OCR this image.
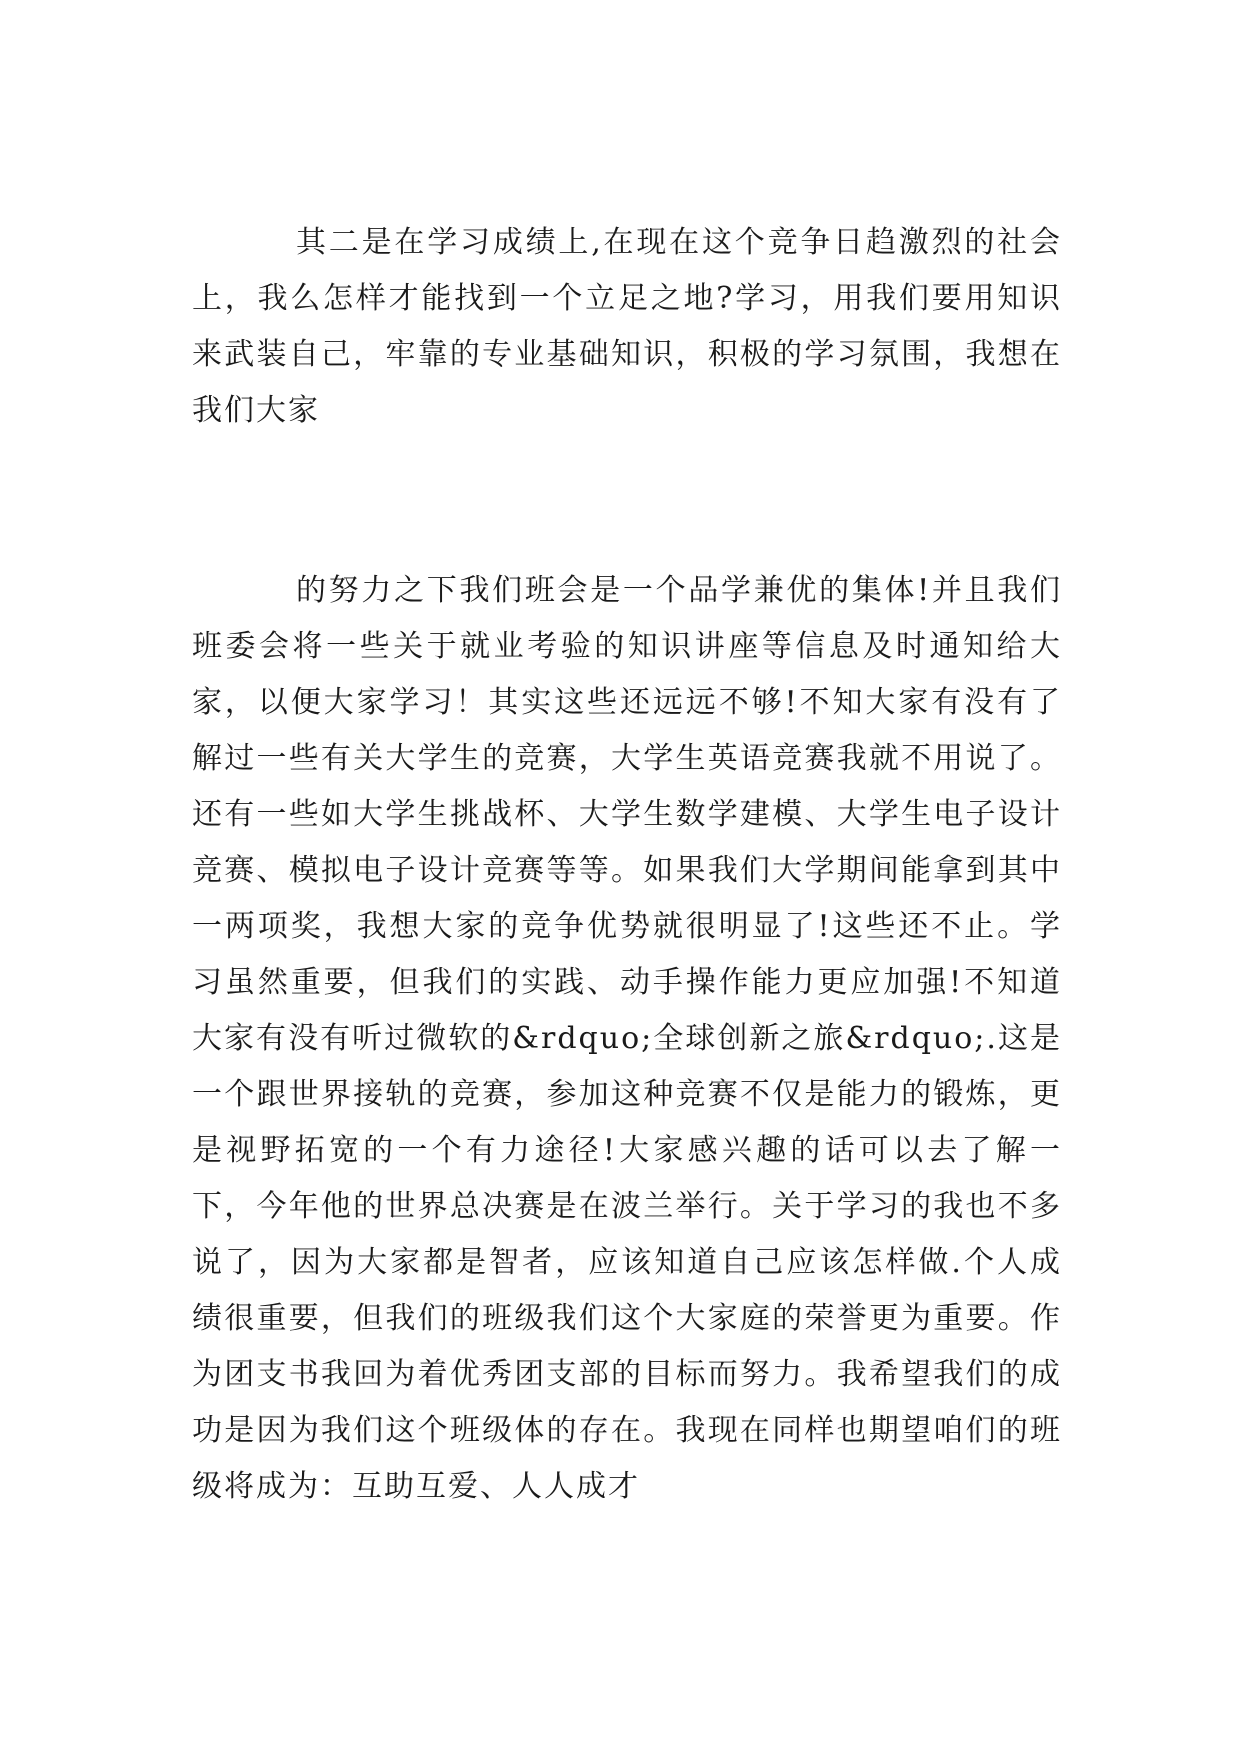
其二是在学习成绩上,在现在这个竞争日趋激烈的社会上，我么怎样才能找到一个立足之地?学习，用我们要用知识来武装自己，牢靠的专业基础知识，积极的学习氛围，我想在我们大家

的努力之下我们班会是一个品学兼优的集体!并且我们班委会将一些关于就业考验的知识讲座等信息及时通知给大家，以便大家学习！其实这些还远远不够!不知大家有没有了解过一些有关大学生的竞赛，大学生英语竞赛我就不用说了。还有一些如大学生挑战杯、大学生数学建模、大学生电子设计竞赛、模拟电子设计竞赛等等。如果我们大学期间能拿到其中一两项奖，我想大家的竞争优势就很明显了!这些还不止。学习虽然重要，但我们的实践、动手操作能力更应加强!不知道大家有没有听过微软的&rdquo;全球创新之旅&rdquo;.这是一个跟世界接轨的竞赛，参加这种竞赛不仅是能力的锻炼，更是视野拓宽的一个有力途径!大家感兴趣的话可以去了解一下，今年他的世界总决赛是在波兰举行。关于学习的我也不多说了，因为大家都是智者，应该知道自己应该怎样做.个人成绩很重要，但我们的班级我们这个大家庭的荣誉更为重要。作为团支书我回为着优秀团支部的目标而努力。我希望我们的成功是因为我们这个班级体的存在。我现在同样也期望咱们的班级将成为：互助互爱、人人成才
